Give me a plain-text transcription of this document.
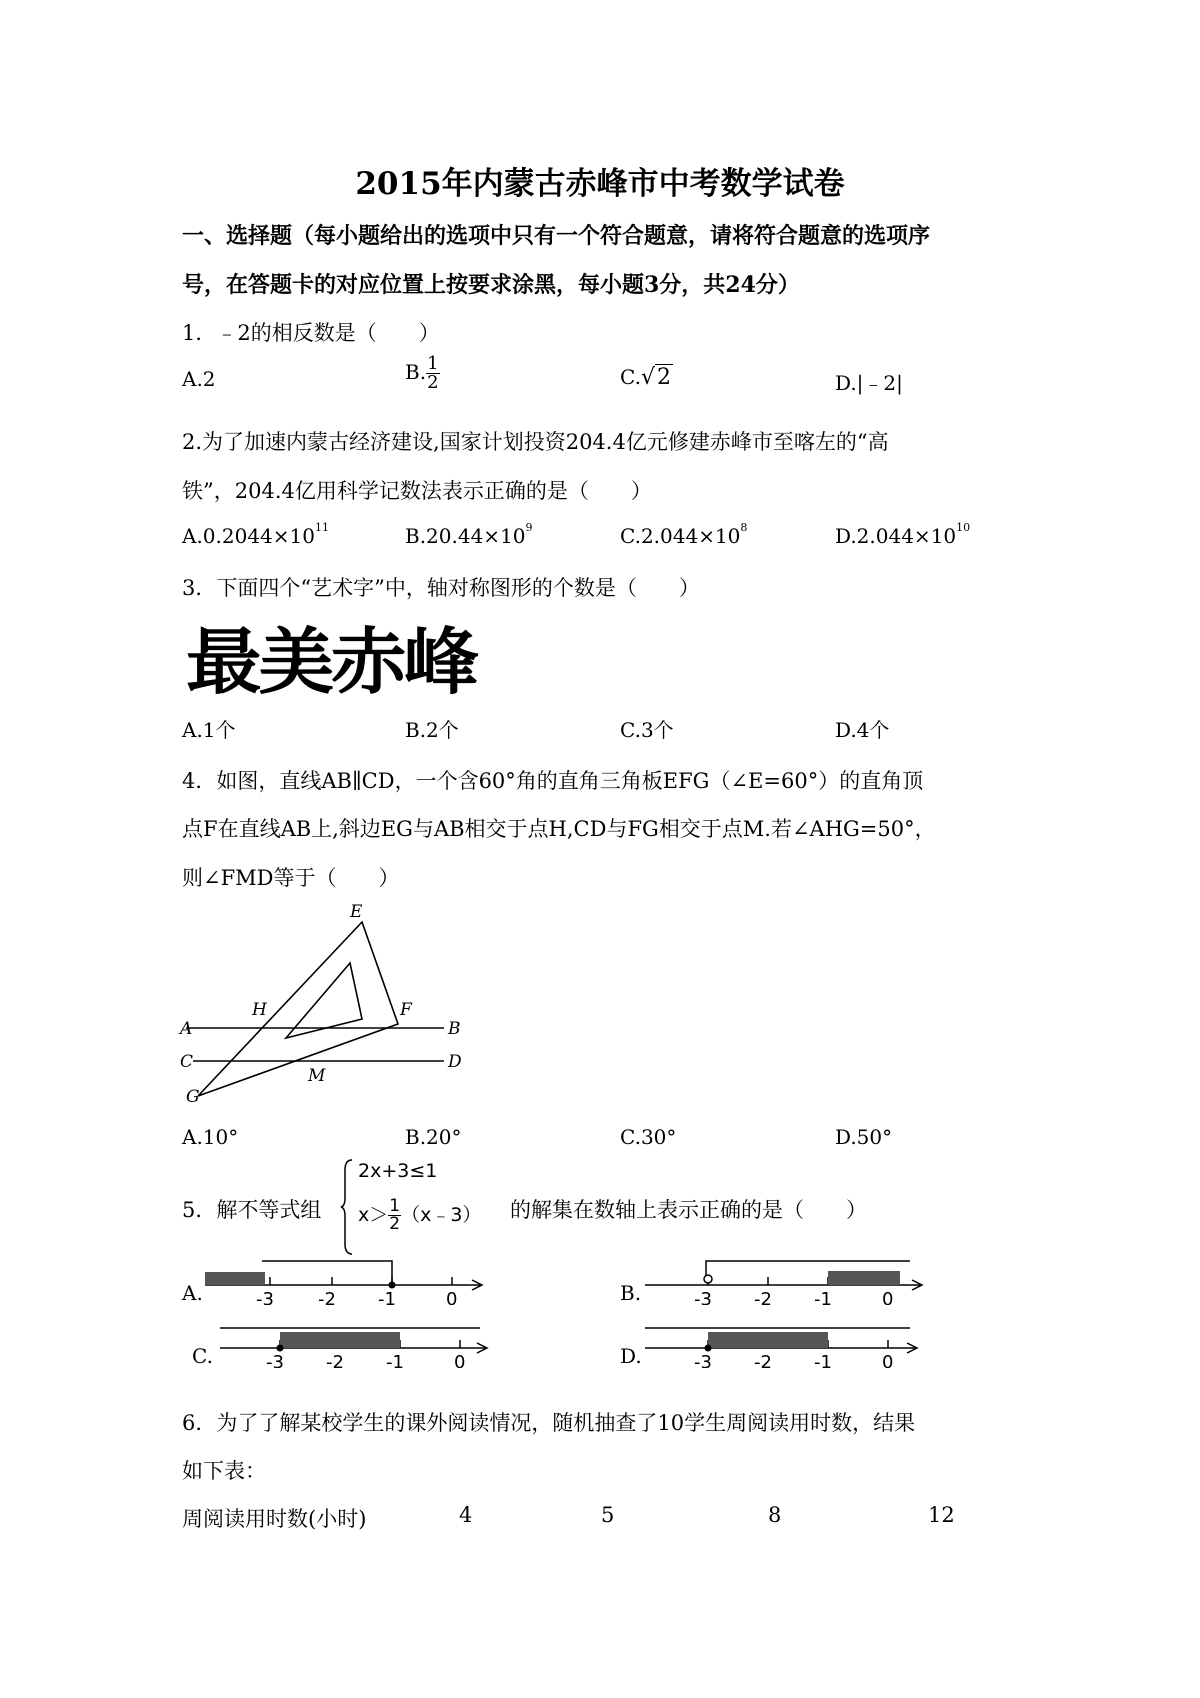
2015年内蒙古赤峰市中考数学试卷
一、选择题（每小题给出的选项中只有一个符合题意，请将符合题意的选项序
号，在答题卡的对应位置上按要求涂黑，每小题3分，共24分）
1．﹣2的相反数是（　　）
A.2	B. $\frac{1}{2}$	C.√2	D.|﹣2|
2.为了加速内蒙古经济建设,国家计划投资204.4亿元修建赤峰市至喀左的“高
铁”，204.4亿用科学记数法表示正确的是（　　）
$A.0.2044\times 10^{11}$	$B.20.44\times 10^9$	$C.2.044\times 10^8$	$D.2.044\times 10^{10}$
3．下面四个“艺术字”中，轴对称图形的个数是（　　）
最美赤峰
A.1个	B.2个	C.3个	D.4个
4．如图，直线AB∥CD，一个含60°角的直角三角板EFG（∠E=60°）的直角顶
点F在直线AB上,斜边EG与AB相交于点H,CD与FG相交于点M.若∠AHG=50°，
则∠FMD等于（　　）
E
H	F
A	B
C	D
M
G
A.10°	B.20°	C.30°	D.50°
5．解不等式组
2x+3≤1
$x> \frac{1}{2}$ （x﹣3） 的解集在数轴上表示正确的是（　　）
A.	-3 -2 -1	0	B.	-3 -2 -1	0
C.	-3 -2 -1	0	D.	-3 -2 -1	0
6．为了了解某校学生的课外阅读情况，随机抽查了10学生周阅读用时数，结果
如下表：
周阅读用时数(小时)	4	5	8	12
